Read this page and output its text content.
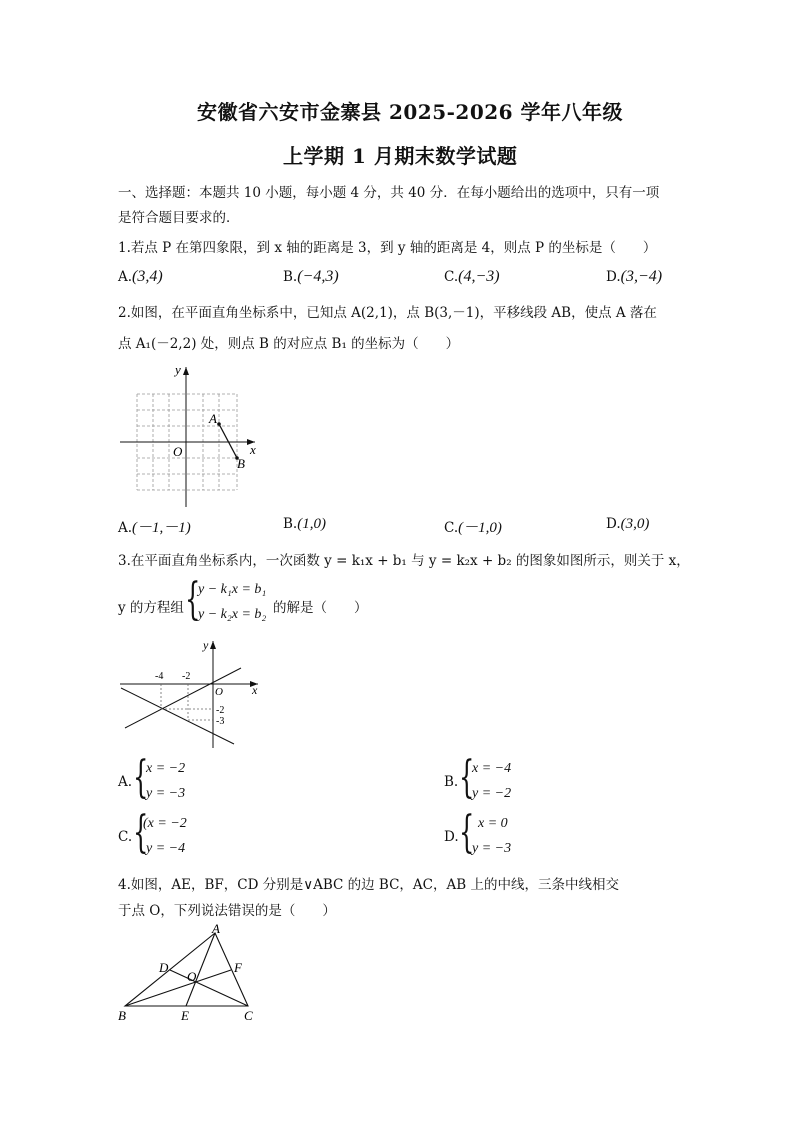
安徽省六安市金寨县 2025-2026 学年八年级
上学期 1 月期末数学试题
一、选择题：本题共 10 小题，每小题 4 分，共 40 分．在每小题给出的选项中，只有一项
是符合题目要求的．
1.若点 P 在第四象限，到 x 轴的距离是 3，到 y 轴的距离是 4，则点 P 的坐标是（　　）
A.(3,4)	B.(−4,3)	C.(4,−3)	D.(3,−4)
2.如图，在平面直角坐标系中，已知点 A(2,1)，点 B(3,－1)，平移线段 AB，使点 A 落在
点 A₁(－2,2) 处，则点 B 的对应点 B₁ 的坐标为（　　）
y
x
O
A
B
A.(－1,－1)	B.(1,0)	C.(－1,0)	D.(3,0)
3.在平面直角坐标系内，一次函数 y = k₁x + b₁ 与 y = k₂x + b₂ 的图象如图所示，则关于 x，
y 的方程组 {
y − k₁x = b₁
y − k₂x = b₂ 的解是（　　）
y
x
O
-4 -2
-2
-3
A. {
x = −2
y = −3
B. {
x = −4
y = −2
C. {
(x = −2
y = −4
D. { x = 0
y = −3
4.如图，AE，BF，CD 分别是∨ABC 的边 BC，AC，AB 上的中线，三条中线相交
于点 O，下列说法错误的是（　　）
A
B	C
D
E
F
O
